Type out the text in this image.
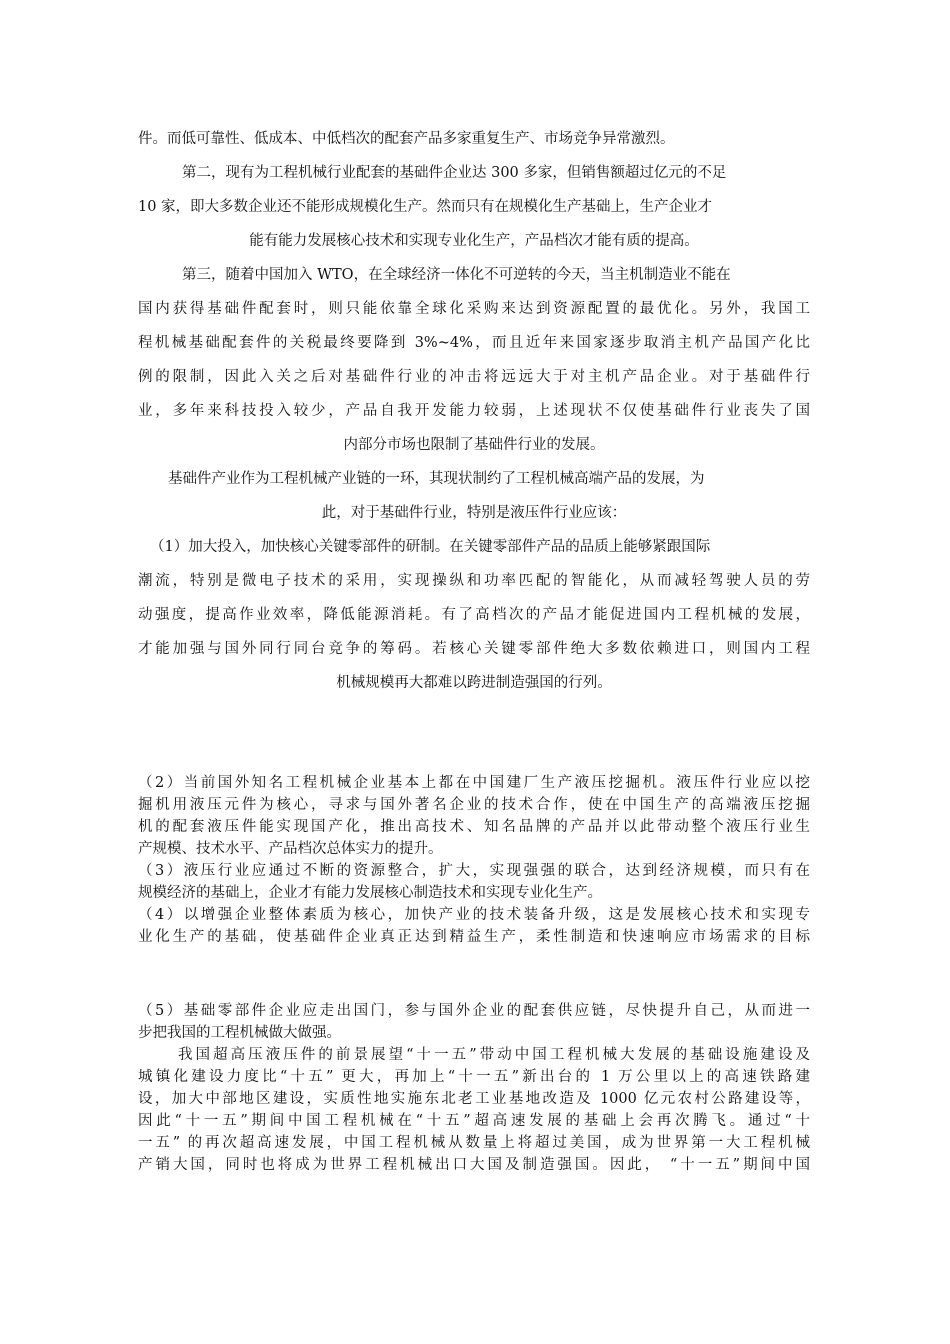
件。而低可靠性、低成本、中低档次的配套产品多家重复生产、市场竞争异常激烈。
第二，现有为工程机械行业配套的基础件企业达 300 多家，但销售额超过亿元的不足
10 家，即大多数企业还不能形成规模化生产。然而只有在规模化生产基础上，生产企业才
能有能力发展核心技术和实现专业化生产，产品档次才能有质的提高。
第三，随着中国加入 WTO，在全球经济一体化不可逆转的今天，当主机制造业不能在
国内获得基础件配套时，则只能依靠全球化采购来达到资源配置的最优化。另外，我国工
程机械基础配套件的关税最终要降到 3%~4%，而且近年来国家逐步取消主机产品国产化比
例的限制，因此入关之后对基础件行业的冲击将远远大于对主机产品企业。对于基础件行
业，多年来科技投入较少，产品自我开发能力较弱，上述现状不仅使基础件行业丧失了国
内部分市场也限制了基础件行业的发展。
基础件产业作为工程机械产业链的一环，其现状制约了工程机械高端产品的发展，为
此，对于基础件行业，特别是液压件行业应该：
（1）加大投入，加快核心关键零部件的研制。在关键零部件产品的品质上能够紧跟国际
潮流，特别是微电子技术的采用，实现操纵和功率匹配的智能化，从而减轻驾驶人员的劳
动强度，提高作业效率，降低能源消耗。有了高档次的产品才能促进国内工程机械的发展，
才能加强与国外同行同台竞争的筹码。若核心关键零部件绝大多数依赖进口，则国内工程
机械规模再大都难以跨进制造强国的行列。
（2）当前国外知名工程机械企业基本上都在中国建厂生产液压挖掘机。液压件行业应以挖
掘机用液压元件为核心，寻求与国外著名企业的技术合作，使在中国生产的高端液压挖掘
机的配套液压件能实现国产化，推出高技术、知名品牌的产品并以此带动整个液压行业生
产规模、技术水平、产品档次总体实力的提升。
（3）液压行业应通过不断的资源整合，扩大，实现强强的联合，达到经济规模，而只有在
规模经济的基础上，企业才有能力发展核心制造技术和实现专业化生产。
（4）以增强企业整体素质为核心，加快产业的技术装备升级，这是发展核心技术和实现专
业化生产的基础，使基础件企业真正达到精益生产，柔性制造和快速响应市场需求的目标
（5）基础零部件企业应走出国门，参与国外企业的配套供应链，尽快提升自己，从而进一
步把我国的工程机械做大做强。
我国超高压液压件的前景展望“十一五”带动中国工程机械大发展的基础设施建设及
城镇化建设力度比“十五” 更大，再加上“十一五”新出台的 1 万公里以上的高速铁路建
设，加大中部地区建设，实质性地实施东北老工业基地改造及 1000 亿元农村公路建设等，
因此“十一五”期间中国工程机械在“十五”超高速发展的基础上会再次腾飞。通过“十
一五” 的再次超高速发展，中国工程机械从数量上将超过美国，成为世界第一大工程机械
产销大国，同时也将成为世界工程机械出口大国及制造强国。因此， “十一五”期间中国
